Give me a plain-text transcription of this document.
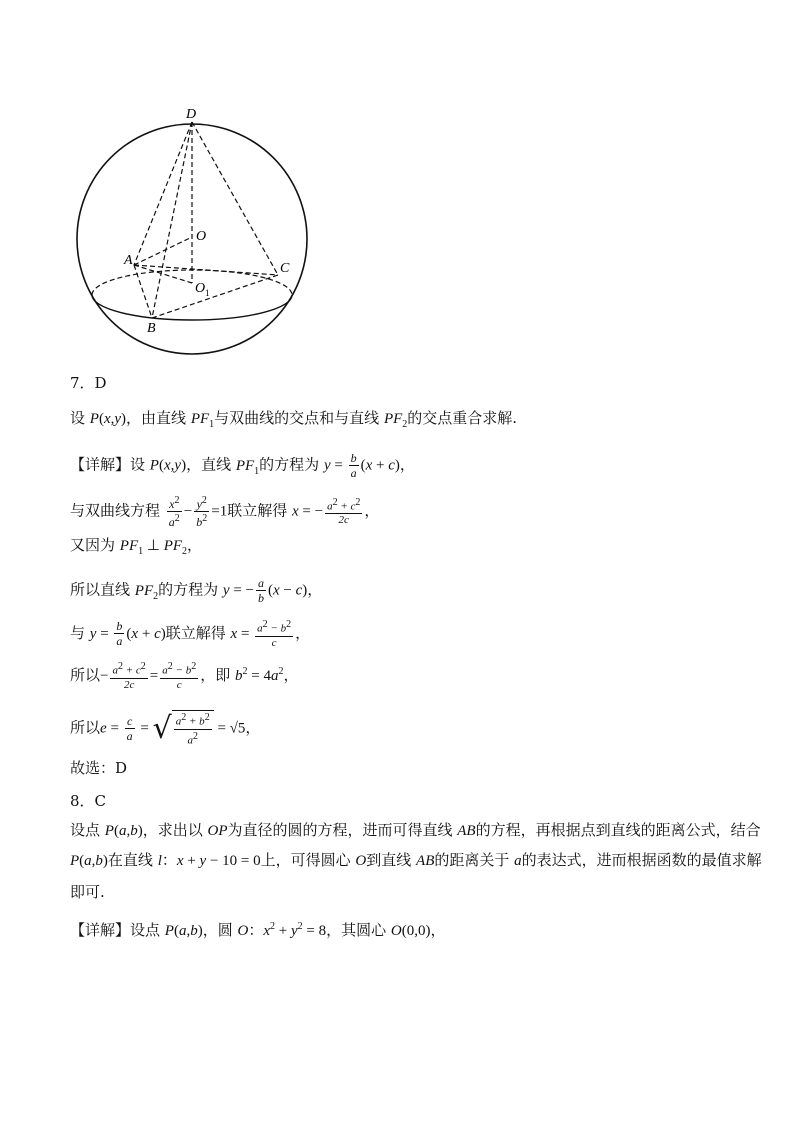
D
O
A
C
O 1
B
7．D
设 P(x,y)，由直线 $PF_1$与双曲线的交点和与直线 $PF_2$的交点重合求解.
【详解】设 P(x,y)，直线 $PF_1$的方程为 $y = \frac{b}{a} (x + c)$，
与双曲线方程 $\frac{x^2}{a^2} - \frac{y^2}{b^2} =1$联立解得 x = − $\frac{a^2 + c^2}{2c}$ ，
又因为 $PF_1$ ⊥ $PF_2$，
所以直线 $PF_2$的方程为 y = − $\frac{a}{b} (x - c)$，
与 $y = \frac{b}{a} (x + c)$联立解得 $x = \frac{a^2 - b^2}{c}$ ，
所以− $\frac{a^2 + c^2}{2c} = \frac{a^2 - b^2}{c}$ ，即 $b^2 = 4a^2$，
所以$e = \frac{c}{a}$ = √ $\frac{a^2 + b^2}{a^2} = √5$，
故选：D
8．C
设点 P(a,b)，求出以 OP为直径的圆的方程，进而可得直线 AB的方程，再根据点到直线的距离公式，结合
P(a,b)在直线 l：x + y − 10 = 0上，可得圆心 O到直线 AB的距离关于 a的表达式，进而根据函数的最值求解
即可.
【详解】设点 P(a,b)，圆 O：$x^2 + y^2 = 8$，其圆心 O(0,0)，
